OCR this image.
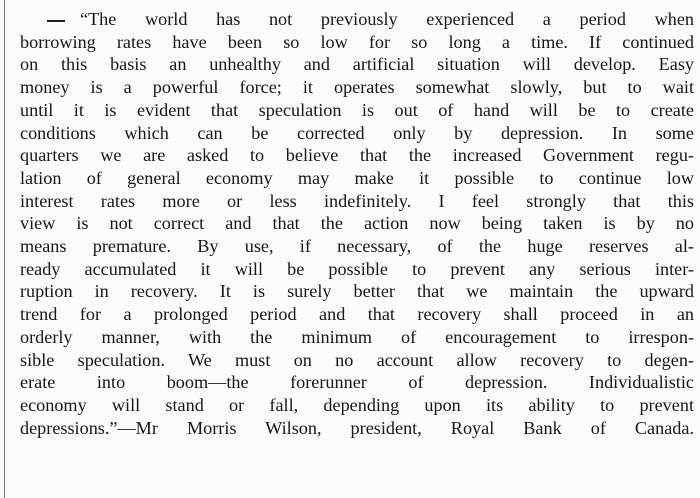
“The world has not previously experienced a period when
borrowing rates have been so low for so long a time. If continued
on this basis an unhealthy and artificial situation will develop. Easy
money is a powerful force; it operates somewhat slowly, but to wait
until it is evident that speculation is out of hand will be to create
conditions which can be corrected only by depression. In some
quarters we are asked to believe that the increased Government regu-
lation of general economy may make it possible to continue low
interest rates more or less indefinitely. I feel strongly that this
view is not correct and that the action now being taken is by no
means premature. By use, if necessary, of the huge reserves al-
ready accumulated it will be possible to prevent any serious inter-
ruption in recovery. It is surely better that we maintain the upward
trend for a prolonged period and that recovery shall proceed in an
orderly manner, with the minimum of encouragement to irrespon-
sible speculation. We must on no account allow recovery to degen-
erate into boom—the forerunner of depression. Individualistic
economy will stand or fall, depending upon its ability to prevent
depressions.”—Mr Morris Wilson, president, Royal Bank of Canada.
